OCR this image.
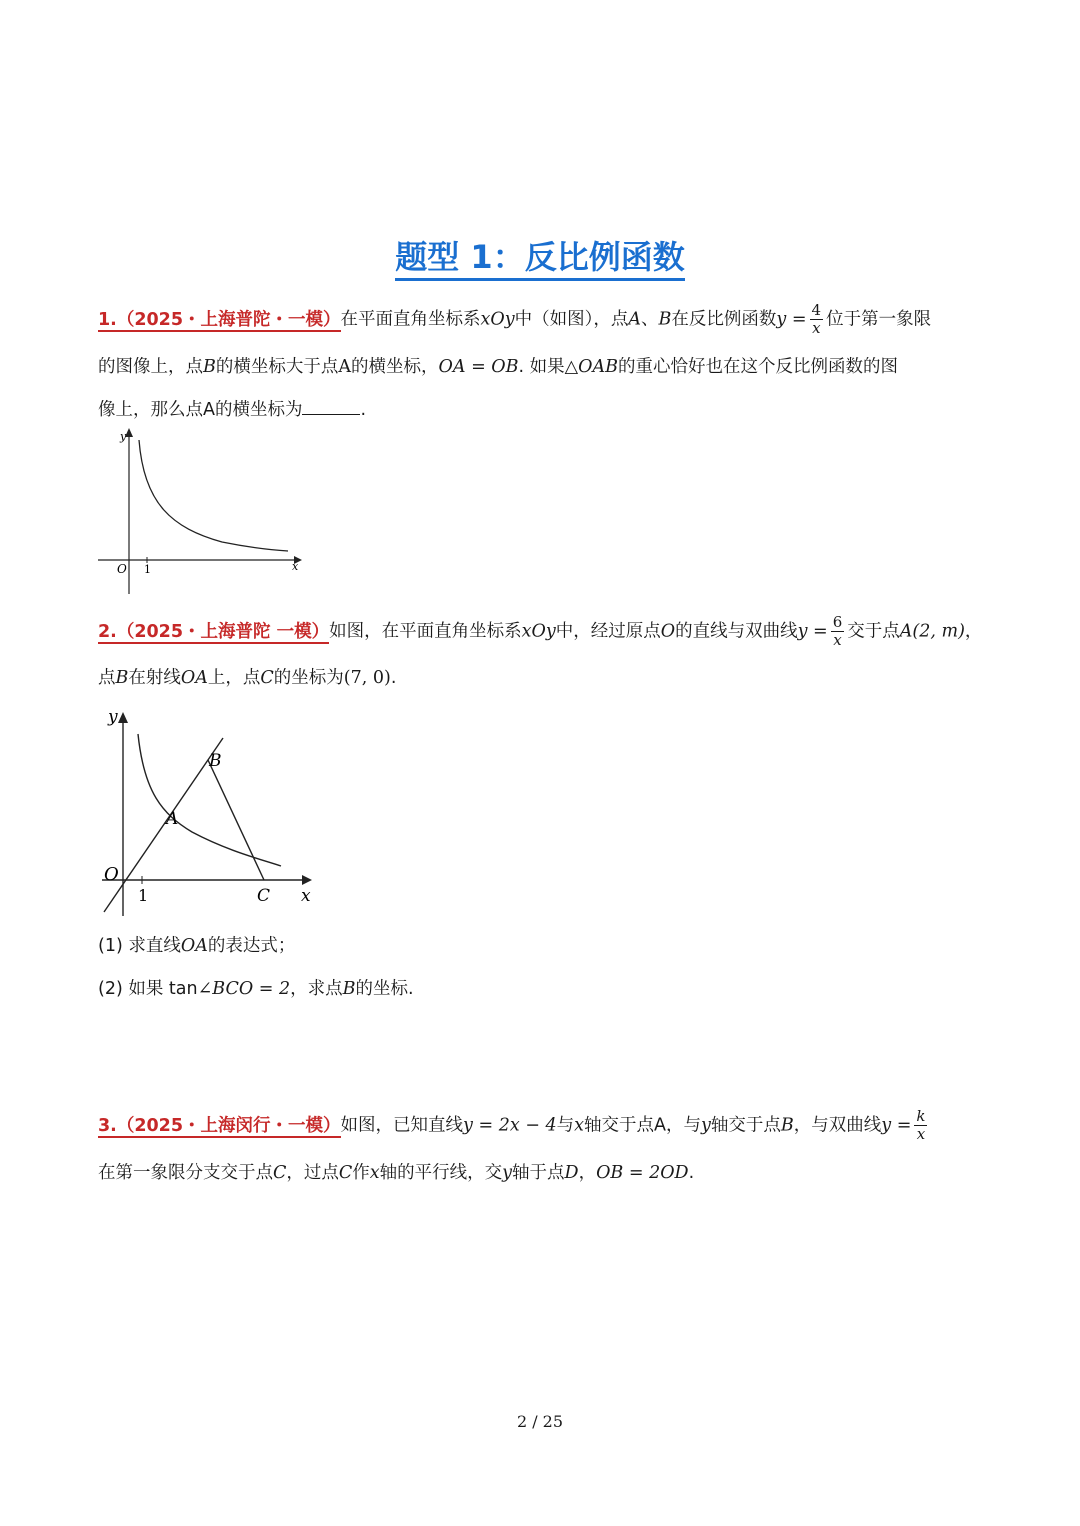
题型 1：反比例函数
1.（2025・上海普陀・一模）在平面直角坐标系xOy中（如图），点A、B在反比例函数$y = \frac{4}{x}$ 位于第一象限
的图像上，点B的横坐标大于点A的横坐标，OA = OB. 如果△OAB的重心恰好也在这个反比例函数的图
像上，那么点A的横坐标为	.
y
x
O 1
2.（2025・上海普陀 一模）如图，在平面直角坐标系xOy中，经过原点O的直线与双曲线$y = \frac{6}{x}$ 交于点A(2, m)，
点B在射线OA上，点C的坐标为(7, 0).
y
x
O
1
A
B
C
(1) 求直线OA的表达式；
(2) 如果 tan∠BCO = 2，求点B的坐标.
3.（2025・上海闵行・一模）如图，已知直线y = 2x − 4与x轴交于点A，与y轴交于点B，与双曲线$y = \frac{k}{x}$
在第一象限分支交于点C，过点C作x轴的平行线，交y轴于点D，OB = 2OD.
2 / 25
